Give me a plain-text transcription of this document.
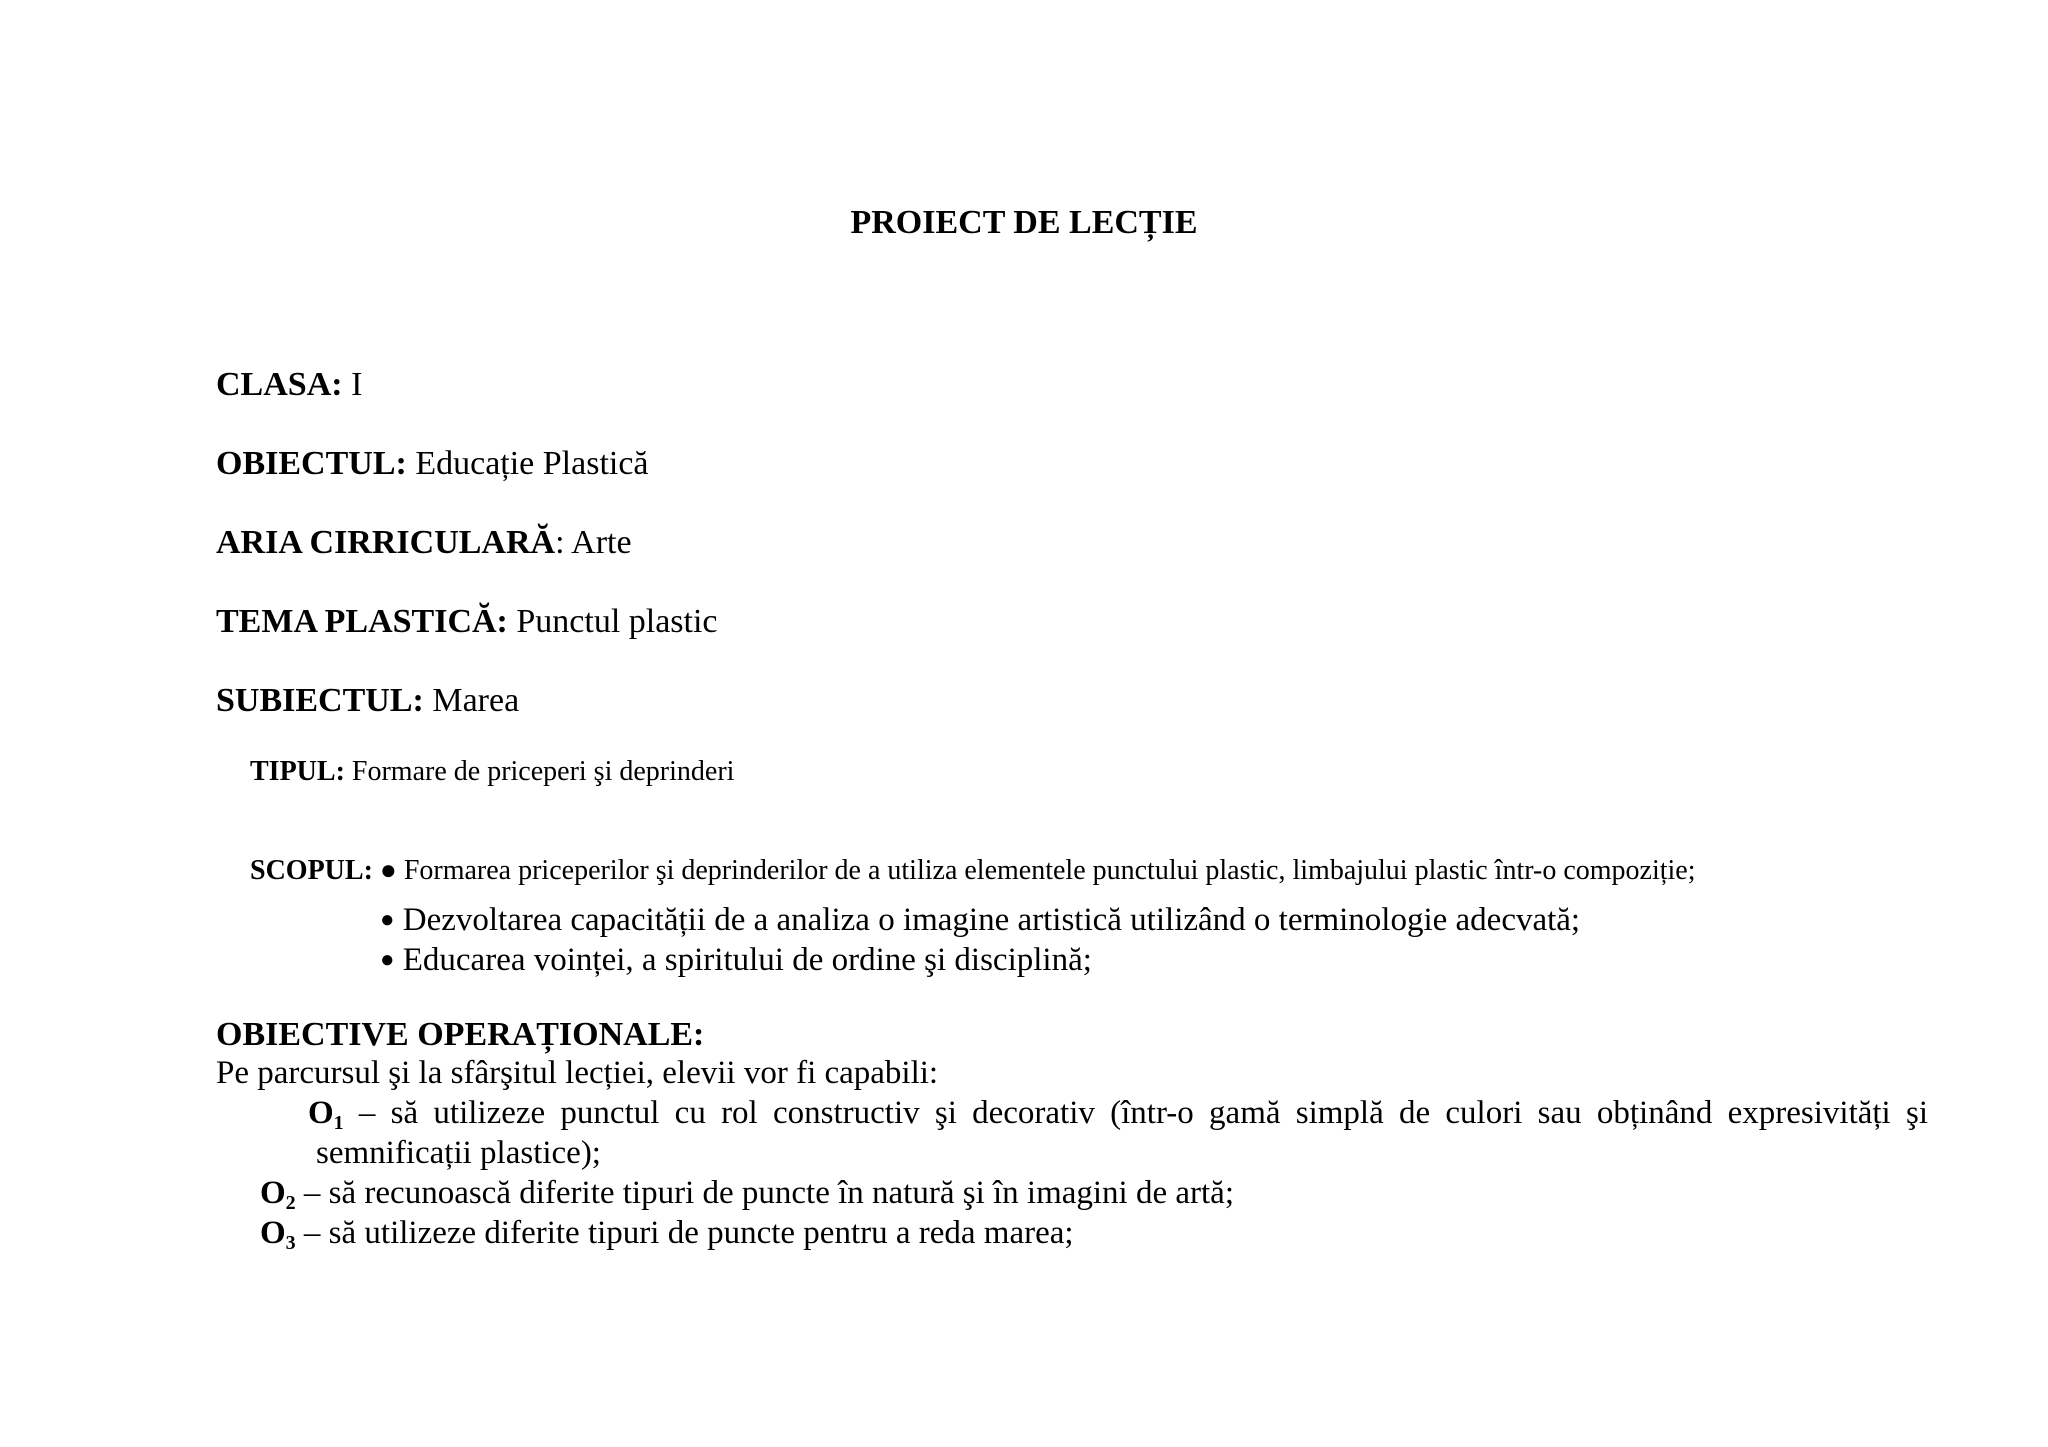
PROIECT DE LECȚIE
CLASA: I
OBIECTUL: Educație Plastică
ARIA CIRRICULARĂ: Arte
TEMA PLASTICĂ: Punctul plastic
SUBIECTUL: Marea
TIPUL: Formare de priceperi şi deprinderi
SCOPUL: ● Formarea priceperilor şi deprinderilor de a utiliza elementele punctului plastic, limbajului plastic într-o compoziție;
● Dezvoltarea capacității de a analiza o imagine artistică utilizând o terminologie adecvată;
● Educarea voinței, a spiritului de ordine şi disciplină;
OBIECTIVE OPERAȚIONALE:
Pe parcursul şi la sfârşitul lecției, elevii vor fi capabili:
$O_1$ – să utilizeze punctul cu rol constructiv şi decorativ (într-o gamă simplă de culori sau obținând expresivități şi
semnificații plastice);
$O_2$ – să recunoască diferite tipuri de puncte în natură şi în imagini de artă;
$O_3$ – să utilizeze diferite tipuri de puncte pentru a reda marea;
